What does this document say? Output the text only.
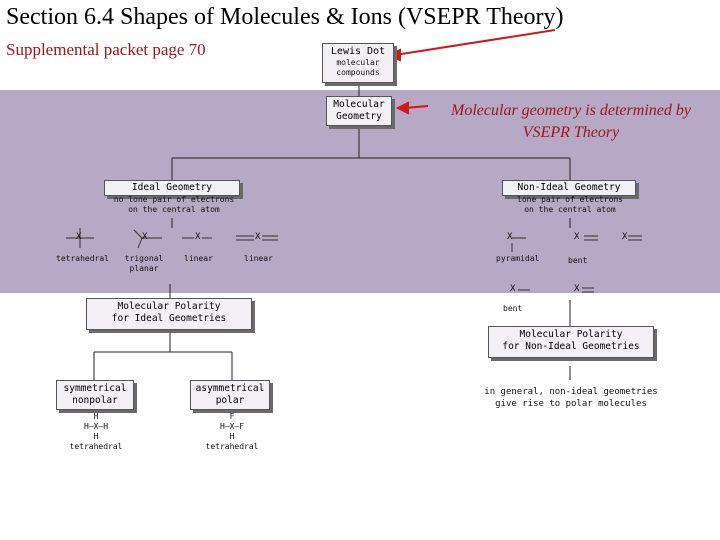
Section 6.4 Shapes of Molecules & Ions (VSEPR Theory)
Supplemental packet page 70	Lewis Dot
molecular
compounds
Molecular
Geometry	Molecular geometry is determined by
VSEPR Theory
Ideal Geometry
no lone pair of electrons
on the central atom
Non-Ideal Geometry
lone pair of electrons
on the central atom
X
tetrahedral
X
trigonal
planar
X
linear
X
linear
X
pyramidal
X
bent
X
X
bent
X
Molecular Polarity
for Ideal Geometries
Molecular Polarity
for Non-Ideal Geometries
symmetrical
nonpolar
H
H—X—H
H
tetrahedral
asymmetrical
polar
F
H—X—F
H
tetrahedral
in general, non-ideal geometries
give rise to polar molecules
